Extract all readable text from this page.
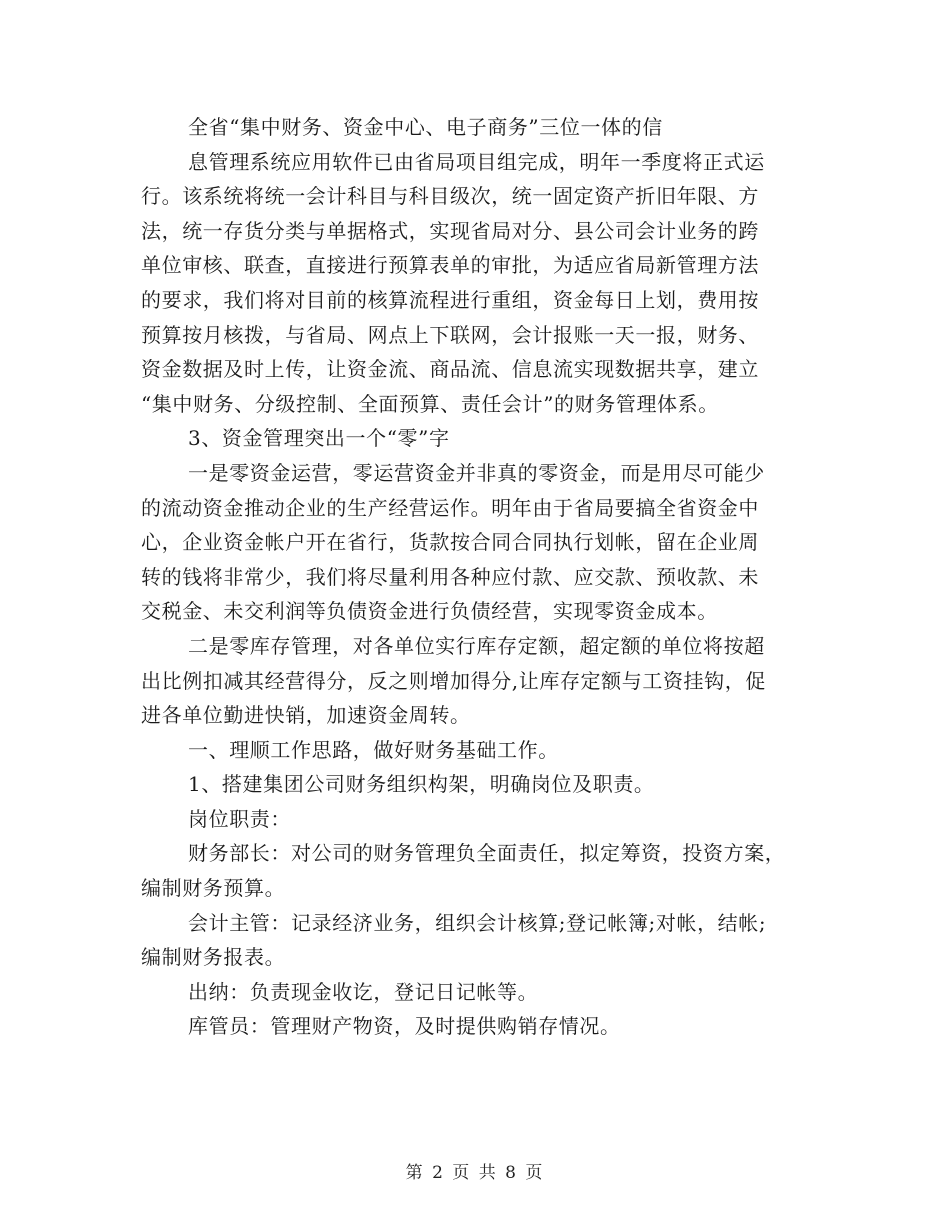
全省“集中财务、资金中心、电子商务”三位一体的信
息管理系统应用软件已由省局项目组完成，明年一季度将正式运
行。该系统将统一会计科目与科目级次，统一固定资产折旧年限、方
法，统一存货分类与单据格式，实现省局对分、县公司会计业务的跨
单位审核、联查，直接进行预算表单的审批，为适应省局新管理方法
的要求，我们将对目前的核算流程进行重组，资金每日上划，费用按
预算按月核拨，与省局、网点上下联网，会计报账一天一报，财务、
资金数据及时上传，让资金流、商品流、信息流实现数据共享，建立
“集中财务、分级控制、全面预算、责任会计”的财务管理体系。
3、资金管理突出一个“零”字
一是零资金运营，零运营资金并非真的零资金，而是用尽可能少
的流动资金推动企业的生产经营运作。明年由于省局要搞全省资金中
心，企业资金帐户开在省行，货款按合同合同执行划帐，留在企业周
转的钱将非常少，我们将尽量利用各种应付款、应交款、预收款、未
交税金、未交利润等负债资金进行负债经营，实现零资金成本。
二是零库存管理，对各单位实行库存定额，超定额的单位将按超
出比例扣减其经营得分，反之则增加得分,让库存定额与工资挂钩，促
进各单位勤进快销，加速资金周转。
一、理顺工作思路，做好财务基础工作。
1、搭建集团公司财务组织构架，明确岗位及职责。
岗位职责：
财务部长：对公司的财务管理负全面责任，拟定筹资，投资方案，
编制财务预算。
会计主管：记录经济业务，组织会计核算;登记帐簿;对帐，结帐;
编制财务报表。
出纳：负责现金收讫，登记日记帐等。
库管员：管理财产物资，及时提供购销存情况。
第 2 页 共 8 页
